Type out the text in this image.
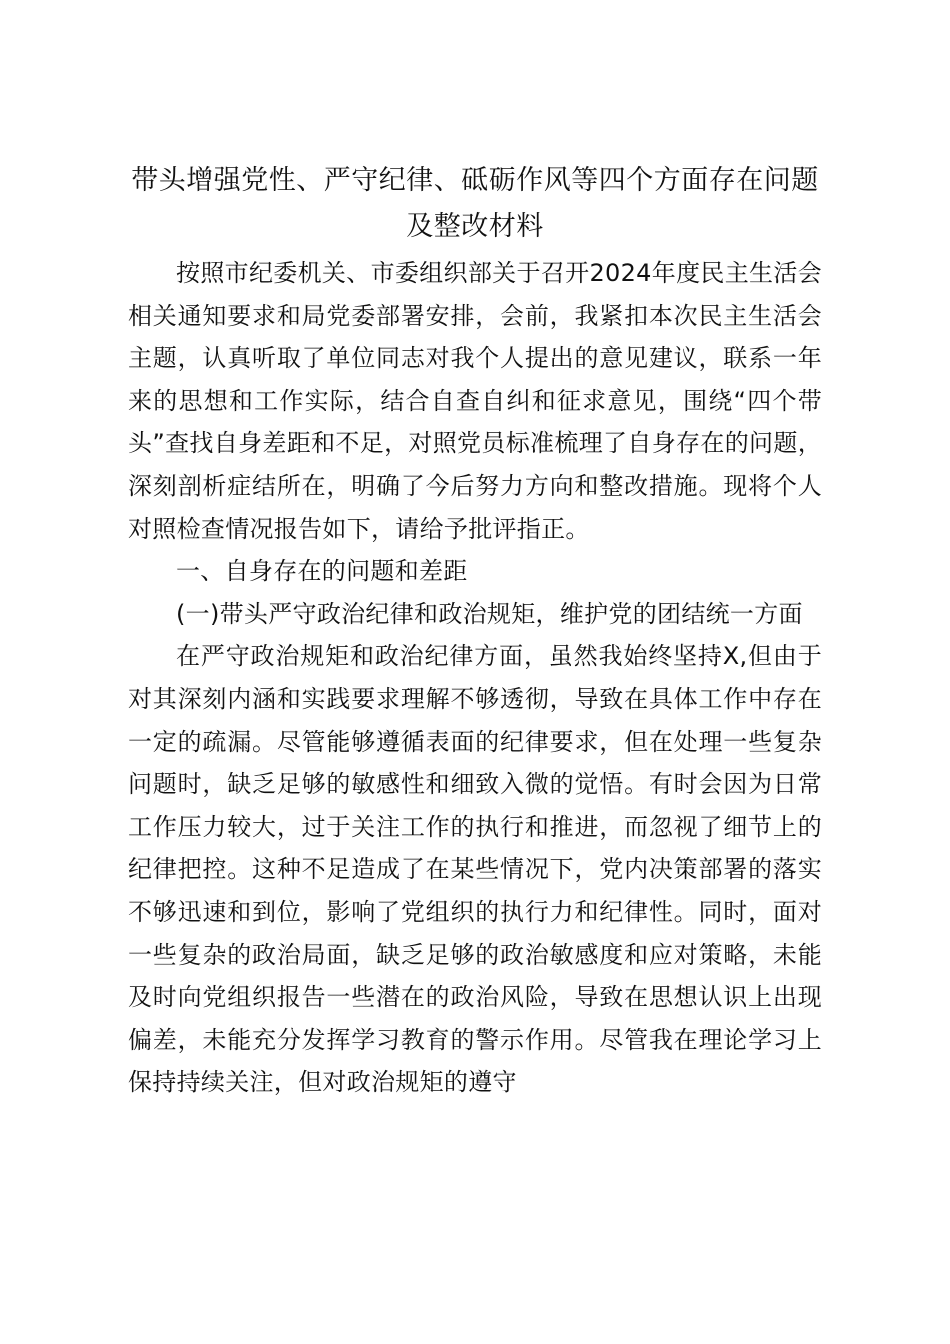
带头增强党性、严守纪律、砥砺作风等四个方面存在问题及整改材料

按照市纪委机关、市委组织部关于召开2024年度民主生活会相关通知要求和局党委部署安排，会前，我紧扣本次民主生活会主题，认真听取了单位同志对我个人提出的意见建议，联系一年来的思想和工作实际，结合自查自纠和征求意见，围绕“四个带头”查找自身差距和不足，对照党员标准梳理了自身存在的问题，深刻剖析症结所在，明确了今后努力方向和整改措施。现将个人对照检查情况报告如下，请给予批评指正。

一、自身存在的问题和差距

(一)带头严守政治纪律和政治规矩，维护党的团结统一方面

在严守政治规矩和政治纪律方面，虽然我始终坚持X,但由于对其深刻内涵和实践要求理解不够透彻，导致在具体工作中存在一定的疏漏。尽管能够遵循表面的纪律要求，但在处理一些复杂问题时，缺乏足够的敏感性和细致入微的觉悟。有时会因为日常工作压力较大，过于关注工作的执行和推进，而忽视了细节上的纪律把控。这种不足造成了在某些情况下，党内决策部署的落实不够迅速和到位，影响了党组织的执行力和纪律性。同时，面对一些复杂的政治局面，缺乏足够的政治敏感度和应对策略，未能及时向党组织报告一些潜在的政治风险，导致在思想认识上出现偏差，未能充分发挥学习教育的警示作用。尽管我在理论学习上保持持续关注，但对政治规矩的遵守
